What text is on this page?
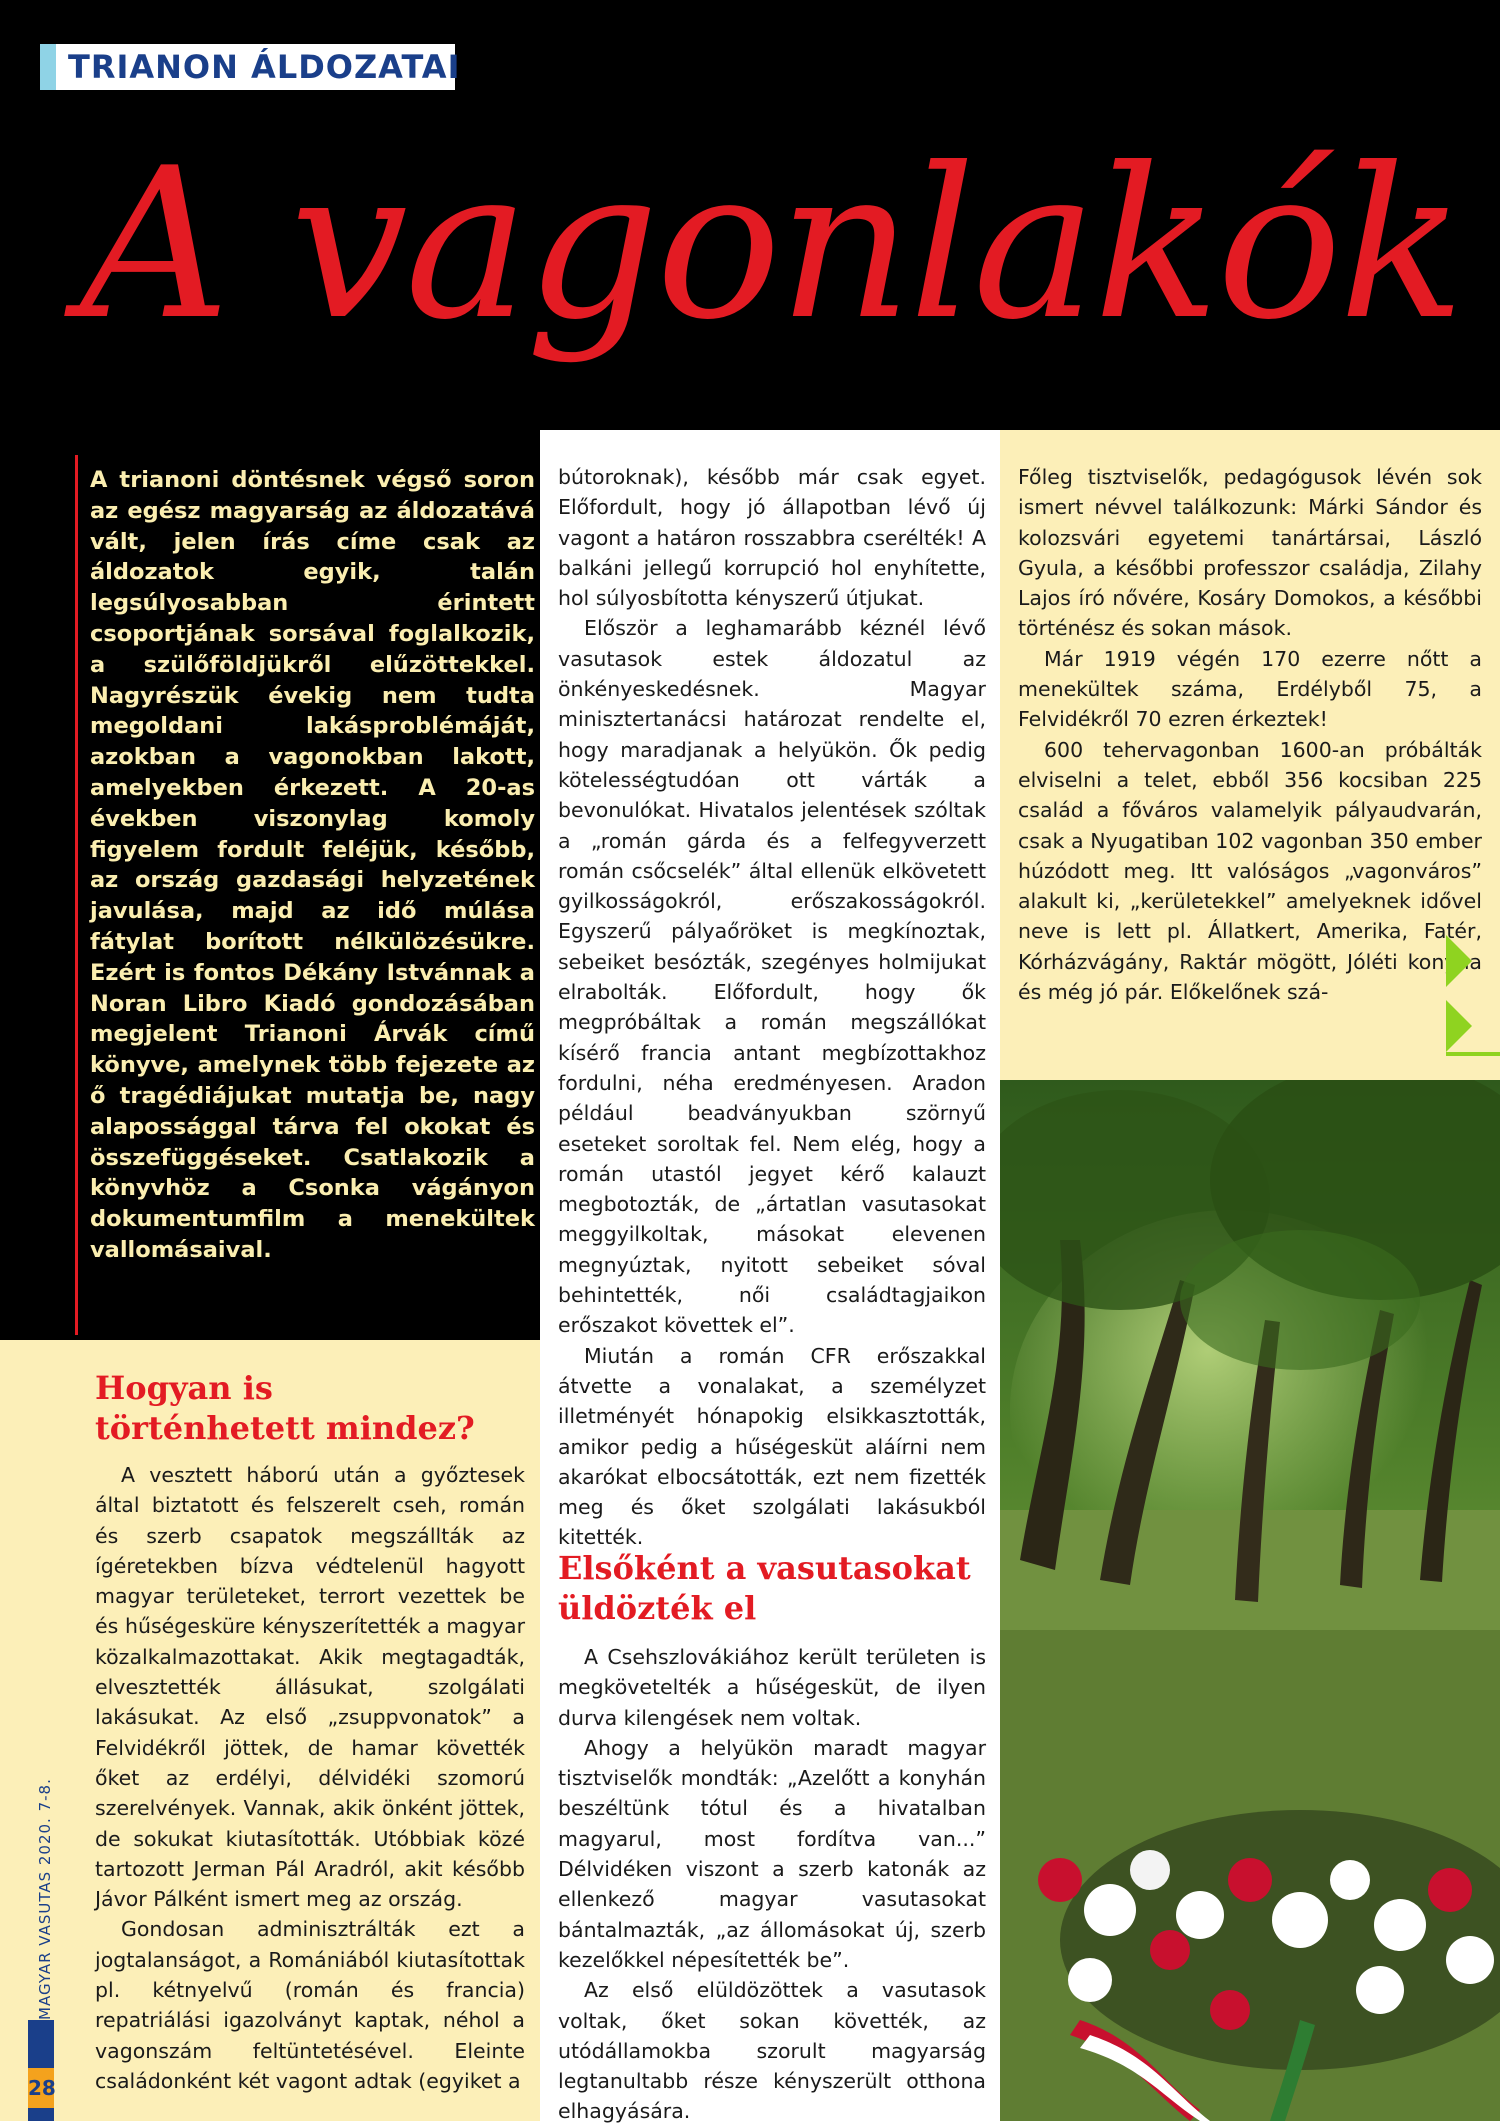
TRIANON ÁLDOZATAI
A vagonlakók
A trianoni döntésnek végső soron az egész magyarság az áldozatává vált, jelen írás címe csak az áldozatok egyik, talán legsúlyosabban érintett csoportjának sorsával foglalkozik, a szülőföldjükről elűzöttekkel. Nagyrészük évekig nem tudta megoldani lakásproblémáját, azokban a vagonokban lakott, amelyekben érkezett. A 20-as években viszonylag komoly figyelem fordult feléjük, később, az ország gazdasági helyzetének javulása, majd az idő múlása fátylat borított nélkülözésükre. Ezért is fontos Dékány Istvánnak a Noran Libro Kiadó gondozásában megjelent Trianoni Árvák című könyve, amelynek több fejezete az ő tragédiájukat mutatja be, nagy alapossággal tárva fel okokat és összefüggéseket. Csatlakozik a könyvhöz a Csonka vágányon dokumentumfilm a menekültek vallomásaival.
Hogyan is történhetett mindez?

A vesztett háború után a győztesek által biztatott és felszerelt cseh, román és szerb csapatok megszállták az ígéretekben bízva védtelenül hagyott magyar területeket, terrort vezettek be és hűségesküre kényszerítették a magyar közalkalmazottakat. Akik megtagadták, elvesztették állásukat, szolgálati lakásukat. Az első „zsuppvonatok” a Felvidékről jöttek, de hamar követték őket az erdélyi, délvidéki szomorú szerelvények. Vannak, akik önként jöttek, de sokukat kiutasították. Utóbbiak közé tartozott Jerman Pál Aradról, akit később Jávor Pálként ismert meg az ország.

Gondosan adminisztrálták ezt a jogtalanságot, a Romániából kiutasítottak pl. kétnyelvű (román és francia) repatriálási igazolványt kaptak, néhol a vagonszám feltüntetésével. Eleinte családonként két vagont adtak (egyiket a

bútoroknak), később már csak egyet. Előfordult, hogy jó állapotban lévő új vagont a határon rosszabbra cserélték! A balkáni jellegű korrupció hol enyhítette, hol súlyosbította kényszerű útjukat.

Először a leghamarább kéznél lévő vasutasok estek áldozatul az önkényeskedésnek. Magyar minisztertanácsi határozat rendelte el, hogy maradjanak a helyükön. Ők pedig kötelességtudóan ott várták a bevonulókat. Hivatalos jelentések szóltak a „román gárda és a felfegyverzett román csőcselék” által ellenük elkövetett gyilkosságokról, erőszakosságokról. Egyszerű pályaőröket is megkínoztak, sebeiket besózták, szegényes holmijukat elrabolták. Előfordult, hogy ők megpróbáltak a román megszállókat kísérő francia antant megbízottakhoz fordulni, néha eredményesen. Aradon például beadványukban szörnyű eseteket soroltak fel. Nem elég, hogy a román utastól jegyet kérő kalauzt megbotozták, de „ártatlan vasutasokat meggyilkoltak, másokat elevenen megnyúztak, nyitott sebeiket sóval behintették, női családtagjaikon erőszakot követtek el”.

Miután a román CFR erőszakkal átvette a vonalakat, a személyzet illetményét hónapokig elsikkasztották, amikor pedig a hűségesküt aláírni nem akarókat elbocsátották, ezt nem fizették meg és őket szolgálati lakásukból kitették.

Elsőként a vasutasokat üldözték el

A Csehszlovákiához került területen is megkövetelték a hűségesküt, de ilyen durva kilengések nem voltak.

Ahogy a helyükön maradt magyar tisztviselők mondták: „Azelőtt a konyhán beszéltünk tótul és a hivatalban magyarul, most fordítva van...” Délvidéken viszont a szerb katonák az ellenkező magyar vasutasokat bántalmazták, „az állomásokat új, szerb kezelőkkel népesítették be”.

Az első elüldözöttek a vasutasok voltak, őket sokan követték, az utódállamokba szorult magyarság legtanultabb része kényszerült otthona elhagyására.

Főleg tisztviselők, pedagógusok lévén sok ismert névvel találkozunk: Márki Sándor és kolozsvári egyetemi tanártársai, László Gyula, a későbbi professzor családja, Zilahy Lajos író nővére, Kosáry Domokos, a későbbi történész és sokan mások.

Már 1919 végén 170 ezerre nőtt a menekültek száma, Erdélyből 75, a Felvidékről 70 ezren érkeztek!

600 tehervagonban 1600-an próbálták elviselni a telet, ebből 356 kocsiban 225 család a főváros valamelyik pályaudvarán, csak a Nyugatiban 102 vagonban 350 ember húzódott meg. Itt valóságos „vagonváros” alakult ki, „kerületekkel” amelyeknek idővel neve is lett pl. Állatkert, Amerika, Fatér, Kórházvágány, Raktár mögött, Jóléti konyha és még jó pár. Előkelőnek szá-

MAGYAR VASUTAS 2020. 7-8.
28
